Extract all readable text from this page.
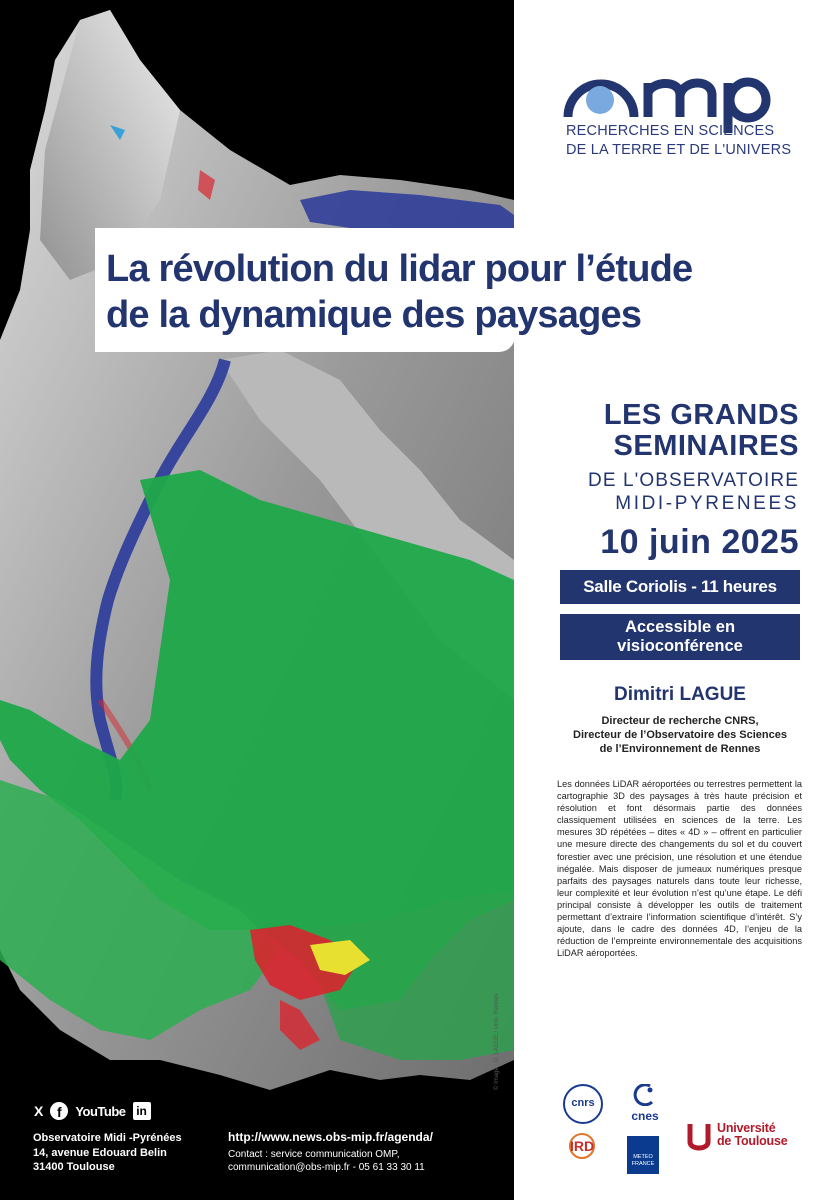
RECHERCHES EN SCIENCES
DE LA TERRE ET DE L'UNIVERS
La révolution du lidar pour l’étude
de la dynamique des paysages
LES GRANDS
SEMINAIRES
DE L'OBSERVATOIRE
MIDI-PYRENEES
10 juin 2025
Salle Coriolis - 11 heures
Accessible en
visioconférence
Dimitri LAGUE
Directeur de recherche CNRS,
Directeur de l’Observatoire des Sciences
de l’Environnement de Rennes
Les données LiDAR aéroportées ou terrestres permettent la cartographie 3D des paysages à très haute précision et résolution et font désormais partie des données classiquement utilisées en sciences de la terre. Les mesures 3D répétées – dites « 4D » – offrent en particulier une mesure directe des changements du sol et du couvert forestier avec une précision, une résolution et une étendue inégalée. Mais disposer de jumeaux numériques presque parfaits des paysages naturels dans toute leur richesse, leur complexité et leur évolution n’est qu’une étape. Le défi principal consiste à développer les outils de traitement permettant d’extraire l’information scientifique d’intérêt. S’y ajoute, dans le cadre des données 4D, l’enjeu de la réduction de l’empreinte environnementale des acquisitions LiDAR aéroportées.
X f	YouTube in
Observatoire Midi -Pyrénées
14, avenue Edouard Belin
31400 Toulouse
http://www.news.obs-mip.fr/agenda/
Contact : service communication OMP,
communication@obs-mip.fr - 05 61 33 30 11
© Image : D. LAGUE / Univ. Rennes
cnrs
cnes
IRD
METEO
FRANCE
Université
de Toulouse
